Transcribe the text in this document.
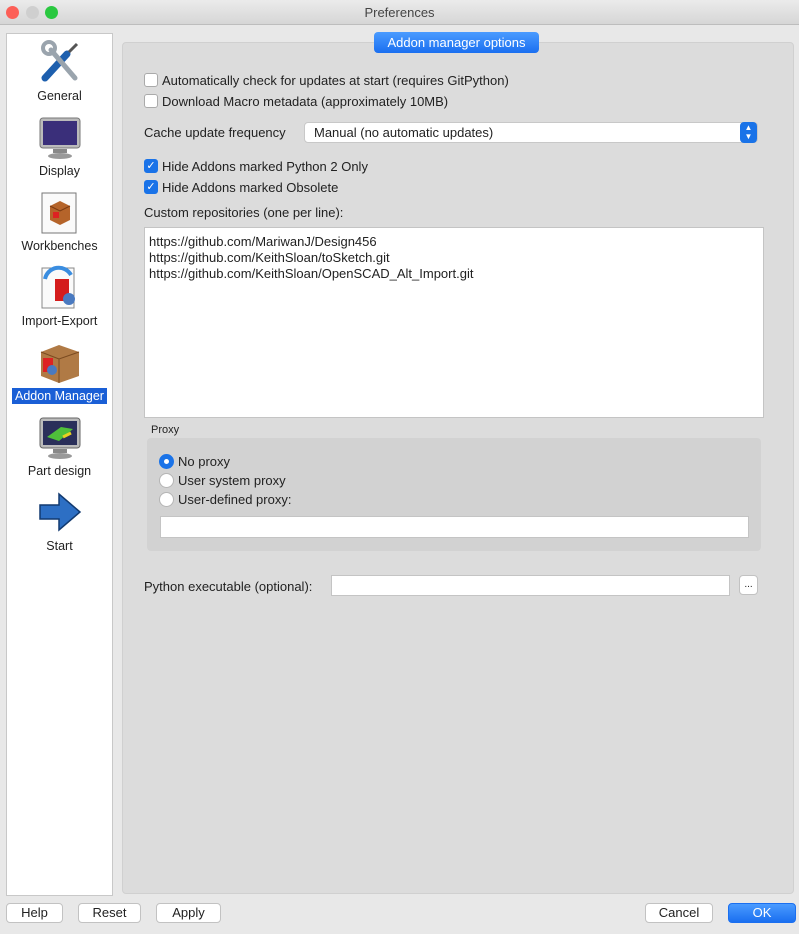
Preferences
General
Display
Workbenches
Import-Export
Addon Manager
Part design
Start
Addon manager options
Automatically check for updates at start (requires GitPython)
Download Macro metadata (approximately 10MB)
Cache update frequency	Manual (no automatic updates)	▲
▼
✓ Hide Addons marked Python 2 Only
✓ Hide Addons marked Obsolete
Custom repositories (one per line):
https://github.com/MariwanJ/Design456
https://github.com/KeithSloan/toSketch.git
https://github.com/KeithSloan/OpenSCAD_Alt_Import.git
Proxy
No proxy
User system proxy
User-defined proxy:
Python executable (optional):	...
Help	Reset	Apply	Cancel	OK
